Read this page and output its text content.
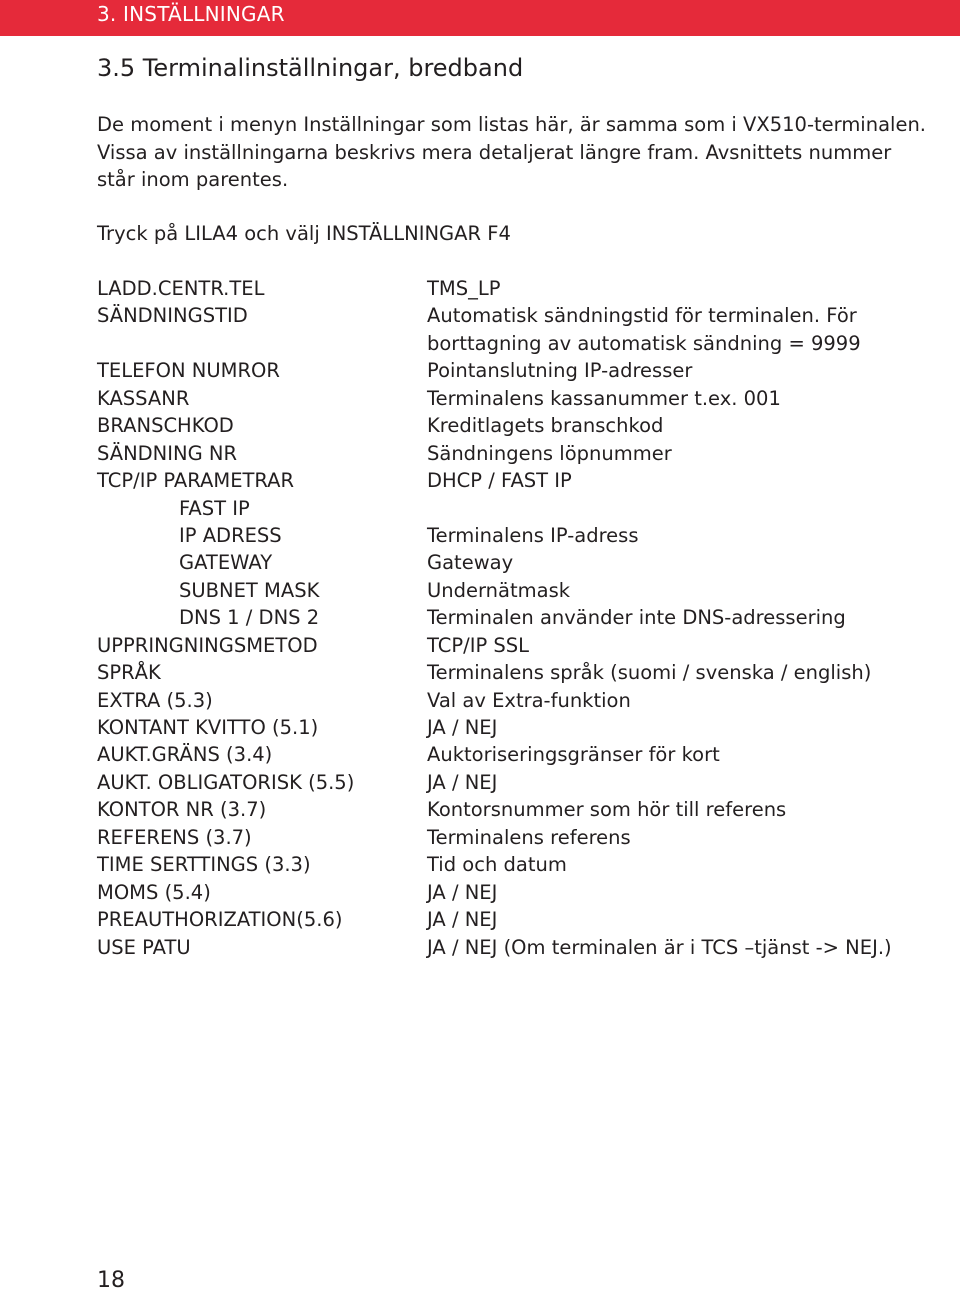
3. INSTÄLLNINGAR
3.5 Terminalinställningar, bredband
De moment i menyn Inställningar som listas här, är samma som i VX510-terminalen.
Vissa av inställningarna beskrivs mera detaljerat längre fram. Avsnittets nummer
står inom parentes.
Tryck på LILA4 och välj INSTÄLLNINGAR F4
LADD.CENTR.TEL	TMS_LP
SÄNDNINGSTID	Automatisk sändningstid för terminalen. För
borttagning av automatisk sändning = 9999
TELEFON NUMROR	Pointanslutning IP-adresser
KASSANR	Terminalens kassanummer t.ex. 001
BRANSCHKOD	Kreditlagets branschkod
SÄNDNING NR	Sändningens löpnummer
TCP/IP PARAMETRAR	DHCP / FAST IP
FAST IP
IP ADRESS	Terminalens IP-adress
GATEWAY	Gateway
SUBNET MASK	Undernätmask
DNS 1 / DNS 2	Terminalen använder inte DNS-adressering
UPPRINGNINGSMETOD	TCP/IP SSL
SPRÅK	Terminalens språk (suomi / svenska / english)
EXTRA (5.3)	Val av Extra-funktion
KONTANT KVITTO (5.1)	JA / NEJ
AUKT.GRÄNS (3.4)	Auktoriseringsgränser för kort
AUKT. OBLIGATORISK (5.5)	JA / NEJ
KONTOR NR (3.7)	Kontorsnummer som hör till referens
REFERENS (3.7)	Terminalens referens
TIME SERTTINGS (3.3)	Tid och datum
MOMS (5.4)	JA / NEJ
PREAUTHORIZATION(5.6)	JA / NEJ
USE PATU	JA / NEJ (Om terminalen är i TCS –tjänst -> NEJ.)
18
